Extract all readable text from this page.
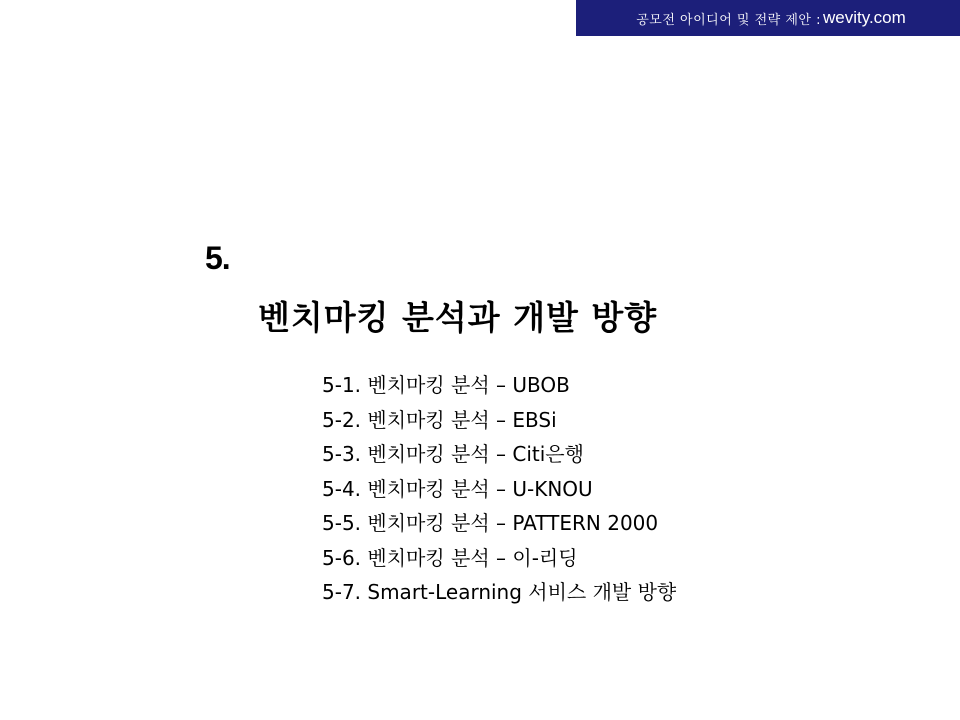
공모전 아이디어 및 전략 제안 : wevity.com
5.
벤치마킹 분석과 개발 방향
5-1. 벤치마킹 분석 – UBOB
5-2. 벤치마킹 분석 – EBSi
5-3. 벤치마킹 분석 – Citi은행
5-4. 벤치마킹 분석 – U-KNOU
5-5. 벤치마킹 분석 – PATTERN 2000
5-6. 벤치마킹 분석 – 이-리딩
5-7. Smart-Learning 서비스 개발 방향
